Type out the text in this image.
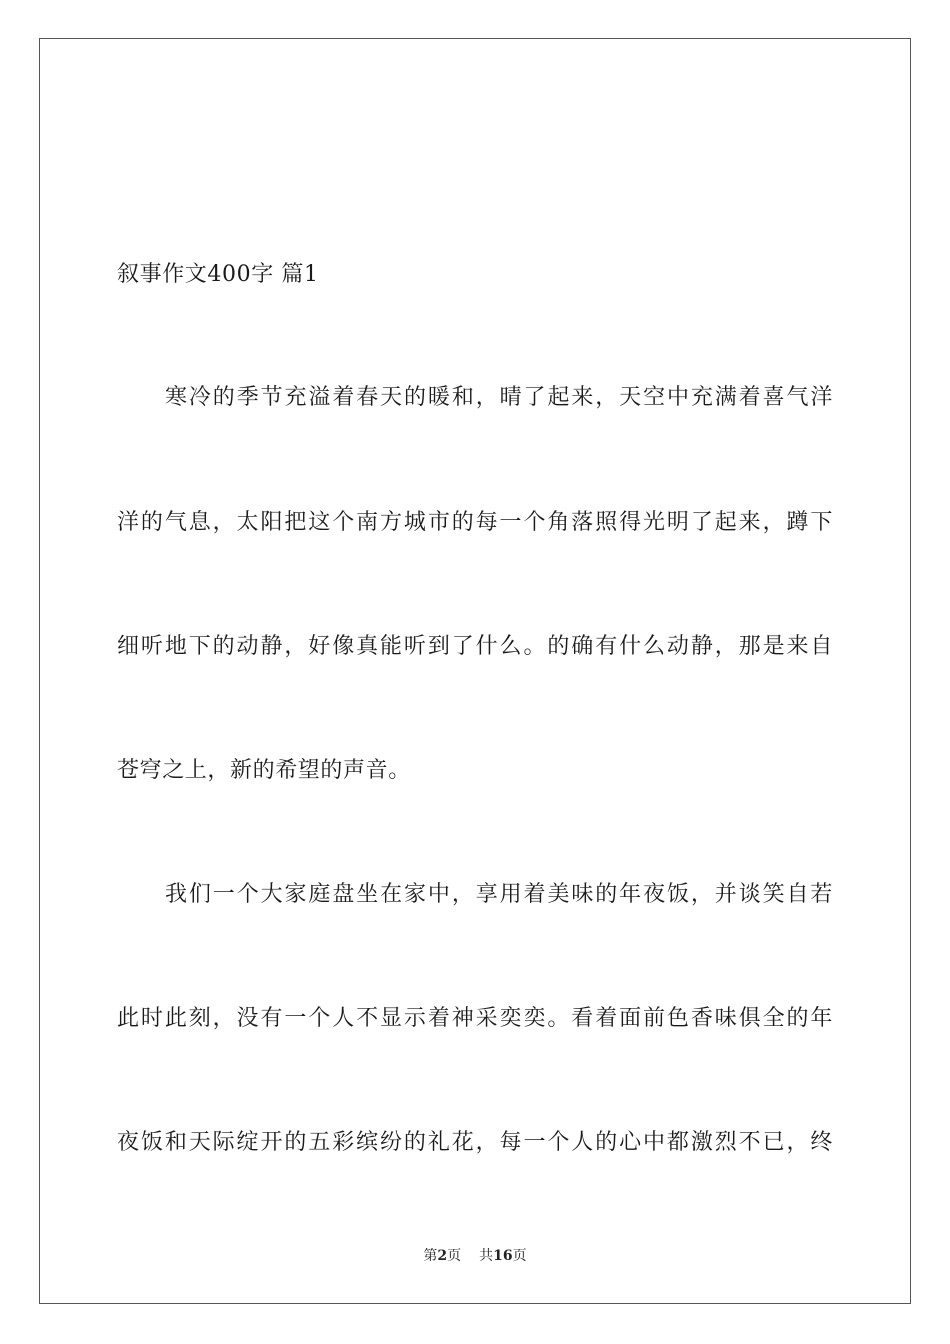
叙事作文400字 篇1
寒冷的季节充溢着春天的暖和，晴了起来，天空中充满着喜气洋
洋的气息，太阳把这个南方城市的每一个角落照得光明了起来，蹲下
细听地下的动静，好像真能听到了什么。的确有什么动静，那是来自
苍穹之上，新的希望的声音。
我们一个大家庭盘坐在家中，享用着美味的年夜饭，并谈笑自若
此时此刻，没有一个人不显示着神采奕奕。看着面前色香味俱全的年
夜饭和天际绽开的五彩缤纷的礼花，每一个人的心中都激烈不已，终
第2页 共16页
